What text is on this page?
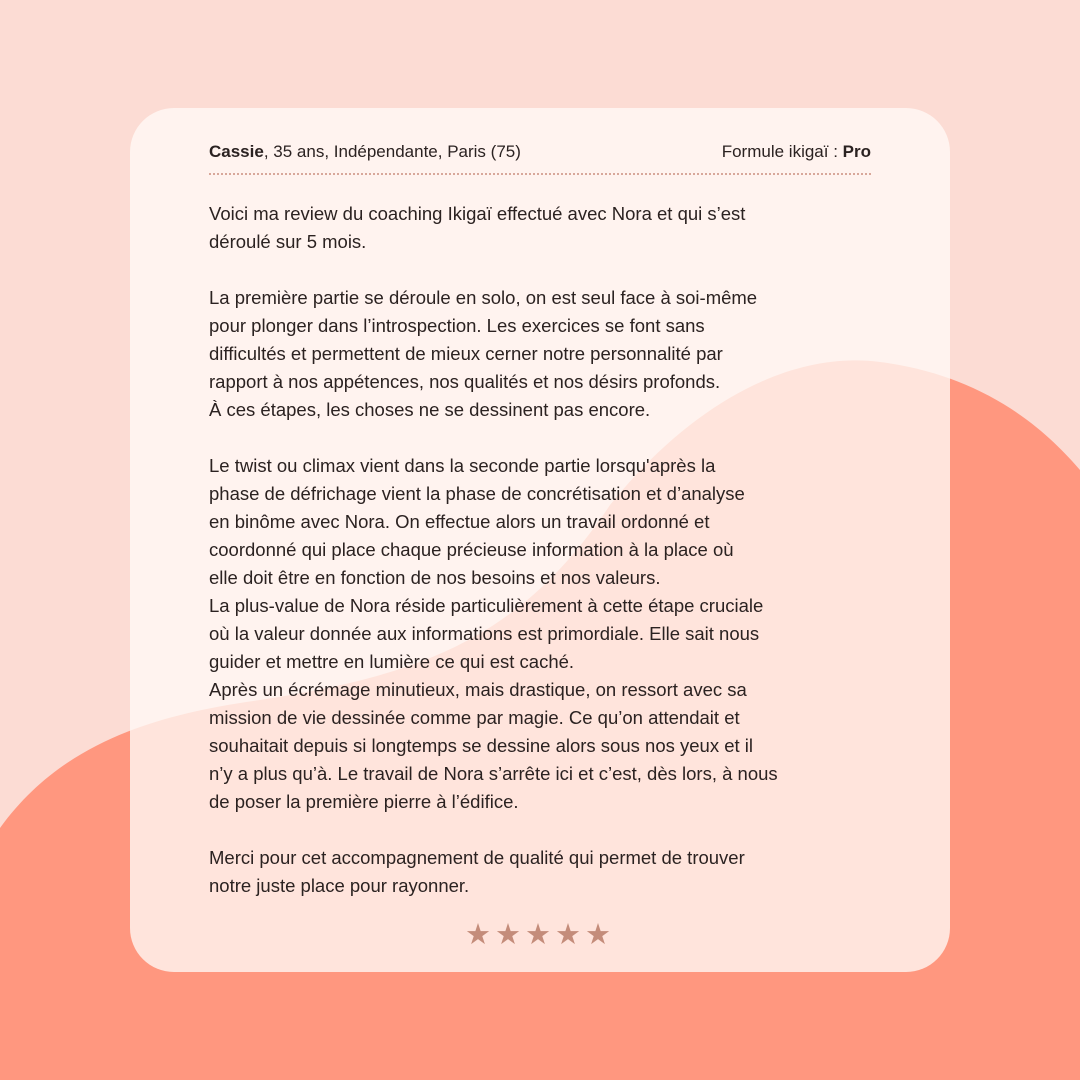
Cassie, 35 ans, Indépendante, Paris (75)	Formule ikigaï : Pro

Voici ma review du coaching Ikigaï effectué avec Nora et qui s’est
déroulé sur 5 mois.

La première partie se déroule en solo, on est seul face à soi-même
pour plonger dans l’introspection. Les exercices se font sans
difficultés et permettent de mieux cerner notre personnalité par
rapport à nos appétences, nos qualités et nos désirs profonds.
À ces étapes, les choses ne se dessinent pas encore.

Le twist ou climax vient dans la seconde partie lorsqu'après la
phase de défrichage vient la phase de concrétisation et d’analyse
en binôme avec Nora. On effectue alors un travail ordonné et
coordonné qui place chaque précieuse information à la place où
elle doit être en fonction de nos besoins et nos valeurs.
La plus-value de Nora réside particulièrement à cette étape cruciale
où la valeur donnée aux informations est primordiale. Elle sait nous
guider et mettre en lumière ce qui est caché.
Après un écrémage minutieux, mais drastique, on ressort avec sa
mission de vie dessinée comme par magie. Ce qu’on attendait et
souhaitait depuis si longtemps se dessine alors sous nos yeux et il
n’y a plus qu’à. Le travail de Nora s’arrête ici et c’est, dès lors, à nous
de poser la première pierre à l’édifice.

Merci pour cet accompagnement de qualité qui permet de trouver
notre juste place pour rayonner.

★★★★★
